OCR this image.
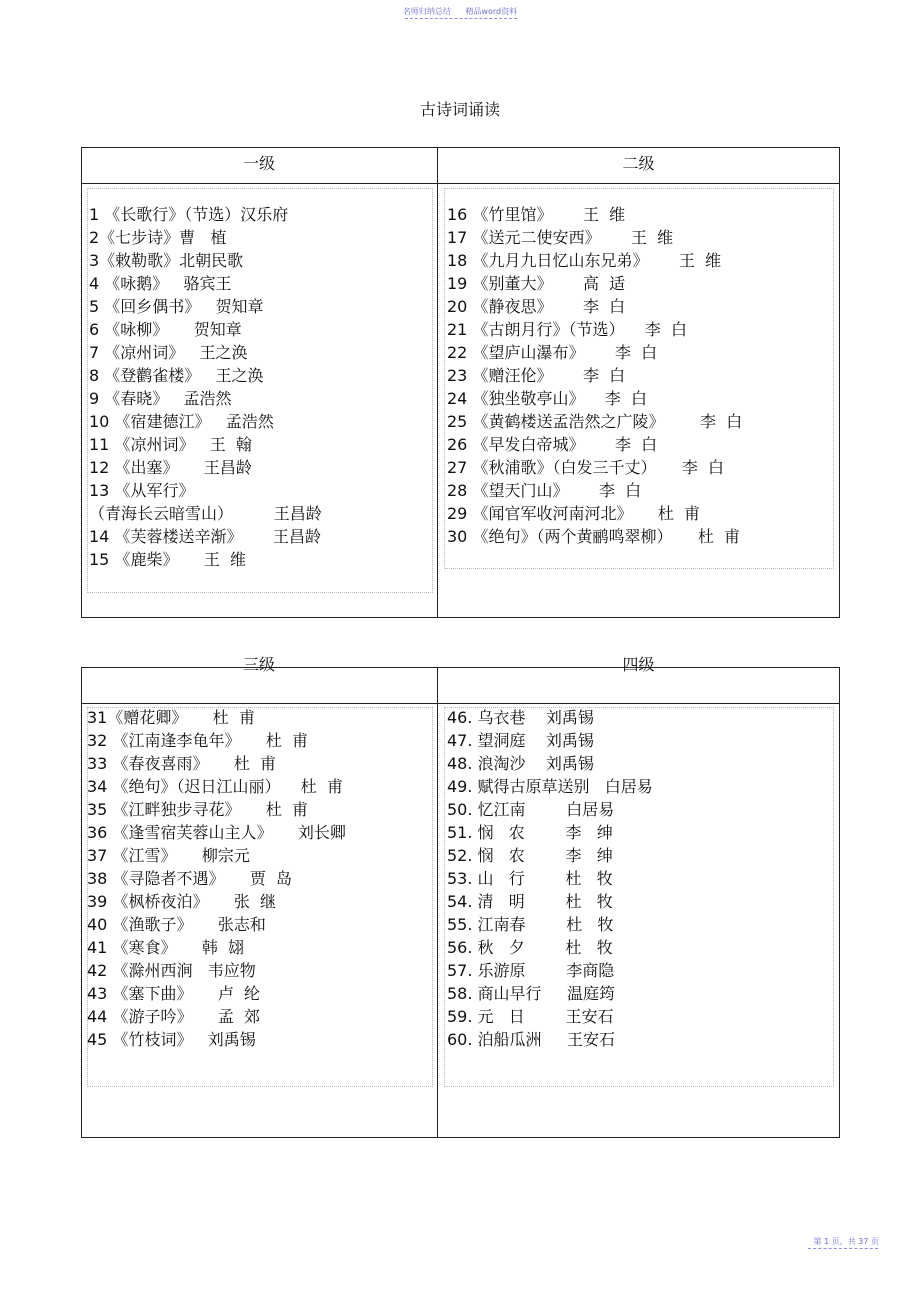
名师归纳总结 精品word资料
古诗词诵读
一级	二级
1 《长歌行》（节选）汉乐府
2《七步诗》曹   植
3《敕勒歌》北朝民歌
4 《咏鹅》   骆宾王
5 《回乡偶书》   贺知章
6 《咏柳》     贺知章
7 《凉州词》   王之涣
8 《登鹳雀楼》   王之涣
9 《春晓》   孟浩然
10 《宿建德江》   孟浩然
11 《凉州词》   王  翰
12 《出塞》     王昌龄
13 《从军行》
（青海长云暗雪山）        王昌龄
14 《芙蓉楼送辛渐》      王昌龄
15 《鹿柴》     王  维
16 《竹里馆》      王  维
17 《送元二使安西》      王  维
18 《九月九日忆山东兄弟》      王  维
19 《别董大》      高  适
20 《静夜思》      李  白
21 《古朗月行》（节选）    李  白
22 《望庐山瀑布》      李  白
23 《赠汪伦》      李  白
24 《独坐敬亭山》    李  白
25 《黄鹤楼送孟浩然之广陵》       李  白
26 《早发白帝城》      李  白
27 《秋浦歌》（白发三千丈）     李  白
28 《望天门山》      李  白
29 《闻官军收河南河北》     杜  甫
30 《绝句》（两个黄鹂鸣翠柳）     杜  甫
三级	四级
31《赠花卿》     杜  甫
32 《江南逢李龟年》     杜  甫
33 《春夜喜雨》     杜  甫
34 《绝句》（迟日江山丽）    杜  甫
35 《江畔独步寻花》     杜  甫
36 《逢雪宿芙蓉山主人》     刘长卿
37 《江雪》     柳宗元
38 《寻隐者不遇》     贾  岛
39 《枫桥夜泊》     张  继
40 《渔歌子》     张志和
41 《寒食》     韩  翃
42 《滁州西涧   韦应物
43 《塞下曲》     卢  纶
44 《游子吟》     孟  郊
45 《竹枝词》   刘禹锡
46. 乌衣巷    刘禹锡
47. 望洞庭    刘禹锡
48. 浪淘沙    刘禹锡
49. 赋得古原草送别   白居易
50. 忆江南        白居易
51. 悯   农        李   绅
52. 悯   农        李   绅
53. 山   行        杜   牧
54. 清   明        杜   牧
55. 江南春        杜   牧
56. 秋   夕        杜   牧
57. 乐游原        李商隐
58. 商山早行     温庭筠
59. 元   日        王安石
60. 泊船瓜洲     王安石
第 1 页，共 37 页
